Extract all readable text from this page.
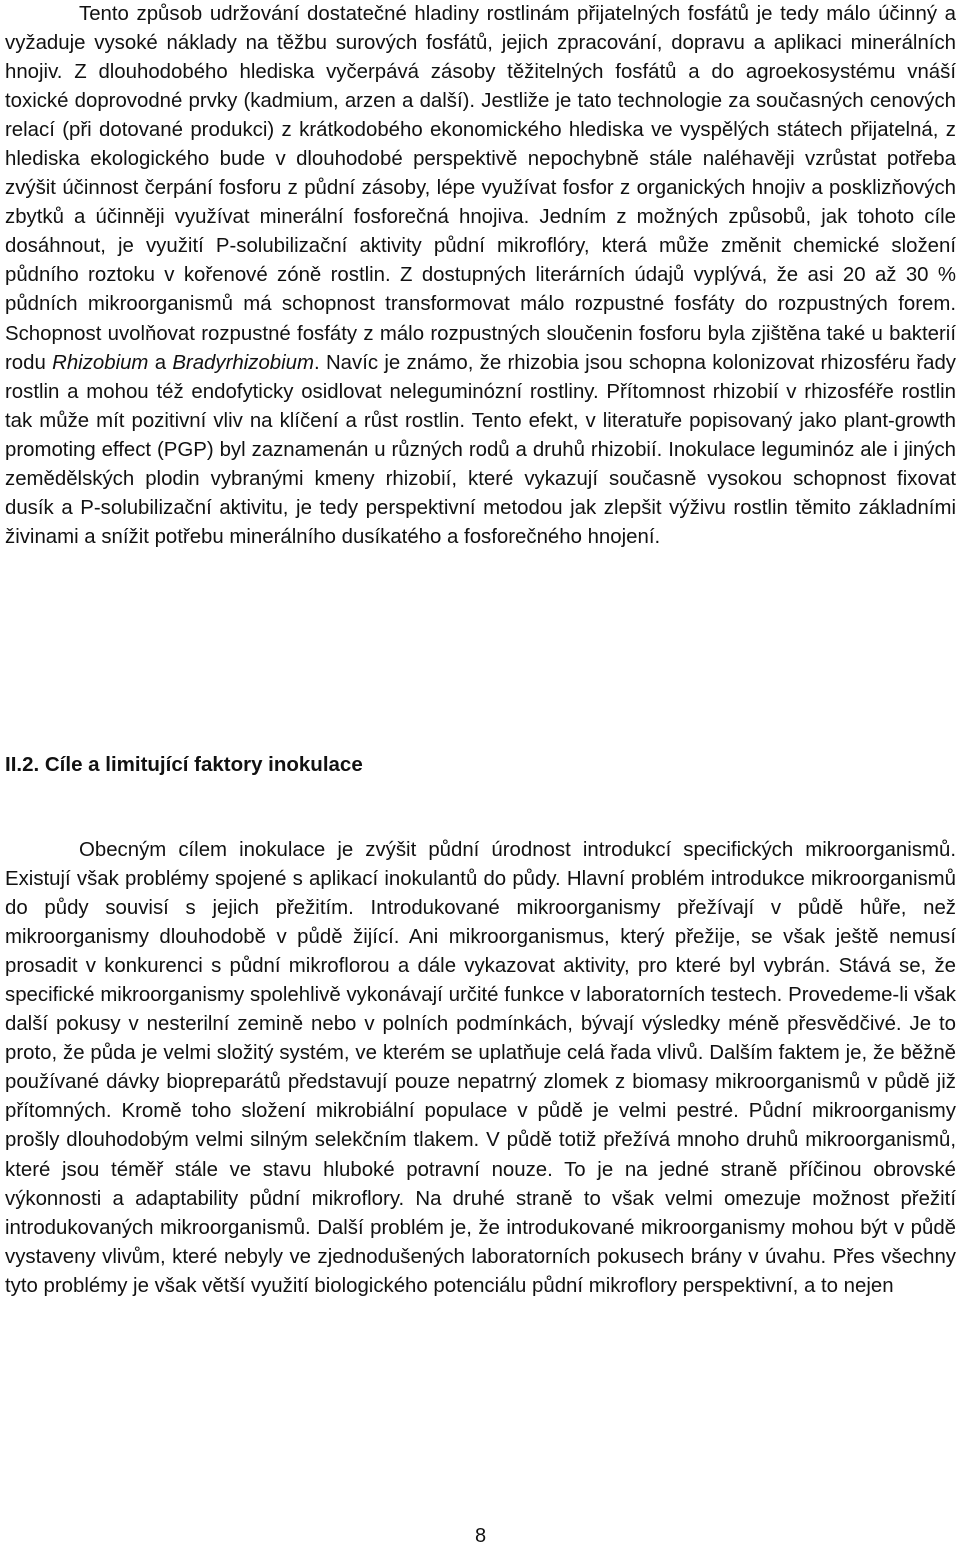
Tento způsob udržování dostatečné hladiny rostlinám přijatelných fosfátů je tedy málo účinný a vyžaduje vysoké náklady na těžbu surových fosfátů, jejich zpracování, dopravu a aplikaci minerálních hnojiv. Z dlouhodobého hlediska vyčerpává zásoby těžitelných fosfátů a do agroekosystému vnáší toxické doprovodné prvky (kadmium, arzen a další). Jestliže je tato technologie za současných cenových relací (při dotované produkci) z krátkodobého ekonomického hlediska ve vyspělých státech přijatelná, z hlediska ekologického bude v dlouhodobé perspektivě nepochybně stále naléhavěji vzrůstat potřeba zvýšit účinnost čerpání fosforu z půdní zásoby, lépe využívat fosfor z organických hnojiv a posklizňových zbytků a účinněji využívat minerální fosforečná hnojiva. Jedním z možných způsobů, jak tohoto cíle dosáhnout, je využití P-solubilizační aktivity půdní mikroflóry, která může změnit chemické složení půdního roztoku v kořenové zóně rostlin. Z dostupných literárních údajů vyplývá, že asi 20 až 30 % půdních mikroorganismů má schopnost transformovat málo rozpustné fosfáty do rozpustných forem. Schopnost uvolňovat rozpustné fosfáty z málo rozpustných sloučenin fosforu byla zjištěna také u bakterií rodu Rhizobium a Bradyrhizobium. Navíc je známo, že rhizobia jsou schopna kolonizovat rhizosféru řady rostlin a mohou též endofyticky osidlovat neleguminózní rostliny. Přítomnost rhizobií v rhizosféře rostlin tak může mít pozitivní vliv na klíčení a růst rostlin. Tento efekt, v literatuře popisovaný jako plant-growth promoting effect (PGP) byl zaznamenán u různých rodů a druhů rhizobií. Inokulace leguminóz ale i jiných zemědělských plodin vybranými kmeny rhizobií, které vykazují současně vysokou schopnost fixovat dusík a P-solubilizační aktivitu, je tedy perspektivní metodou jak zlepšit výživu rostlin těmito základními živinami a snížit potřebu minerálního dusíkatého a fosforečného hnojení.

II.2. Cíle a limitující faktory inokulace

Obecným cílem inokulace je zvýšit půdní úrodnost introdukcí specifických mikroorganismů. Existují však problémy spojené s aplikací inokulantů do půdy. Hlavní problém introdukce mikroorganismů do půdy souvisí s jejich přežitím. Introdukované mikroorganismy přežívají v půdě hůře, než mikroorganismy dlouhodobě v půdě žijící. Ani mikroorganismus, který přežije, se však ještě nemusí prosadit v konkurenci s půdní mikroflorou a dále vykazovat aktivity, pro které byl vybrán. Stává se, že specifické mikroorganismy spolehlivě vykonávají určité funkce v laboratorních testech. Provedeme-li však další pokusy v nesterilní zemině nebo v polních podmínkách, bývají výsledky méně přesvědčivé. Je to proto, že půda je velmi složitý systém, ve kterém se uplatňuje celá řada vlivů. Dalším faktem je, že běžně používané dávky biopreparátů představují pouze nepatrný zlomek z biomasy mikroorganismů v půdě již přítomných. Kromě toho složení mikrobiální populace v půdě je velmi pestré. Půdní mikroorganismy prošly dlouhodobým velmi silným selekčním tlakem. V půdě totiž přežívá mnoho druhů mikroorganismů, které jsou téměř stále ve stavu hluboké potravní nouze. To je na jedné straně příčinou obrovské výkonnosti a adaptability půdní mikroflory. Na druhé straně to však velmi omezuje možnost přežití introdukovaných mikroorganismů. Další problém je, že introdukované mikroorganismy mohou být v půdě vystaveny vlivům, které nebyly ve zjednodušených laboratorních pokusech brány v úvahu. Přes všechny tyto problémy je však větší využití biologického potenciálu půdní mikroflory perspektivní, a to nejen

8
